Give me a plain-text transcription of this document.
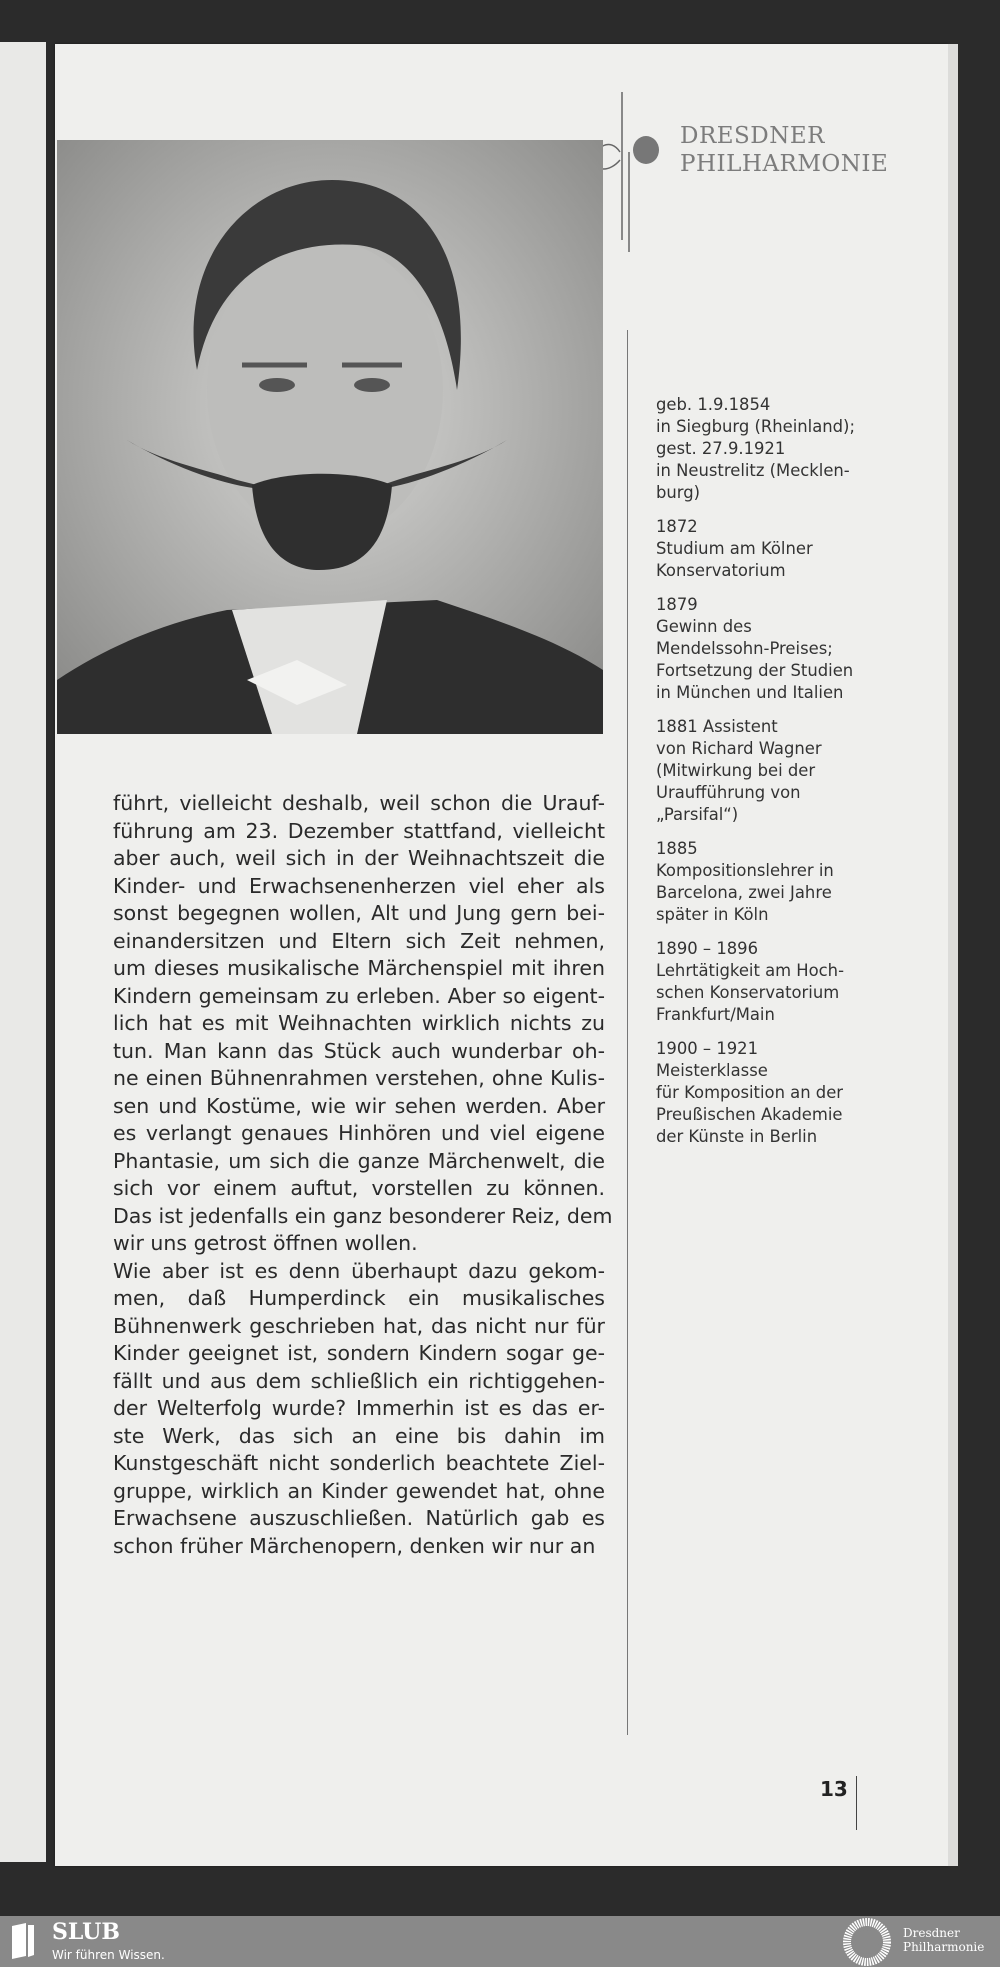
DRESDNER
PHILHARMONIE
führt, vielleicht deshalb, weil schon die Urauf-
führung am 23. Dezember stattfand, vielleicht
aber auch, weil sich in der Weihnachtszeit die
Kinder- und Erwachsenenherzen viel eher als
sonst begegnen wollen, Alt und Jung gern bei-
einandersitzen und Eltern sich Zeit nehmen,
um dieses musikalische Märchenspiel mit ihren
Kindern gemeinsam zu erleben. Aber so eigent-
lich hat es mit Weihnachten wirklich nichts zu
tun. Man kann das Stück auch wunderbar oh-
ne einen Bühnenrahmen verstehen, ohne Kulis-
sen und Kostüme, wie wir sehen werden. Aber
es verlangt genaues Hinhören und viel eigene
Phantasie, um sich die ganze Märchenwelt, die
sich vor einem auftut, vorstellen zu können.
Das ist jedenfalls ein ganz besonderer Reiz, dem
wir uns getrost öffnen wollen.
Wie aber ist es denn überhaupt dazu gekom-
men, daß Humperdinck ein musikalisches
Bühnenwerk geschrieben hat, das nicht nur für
Kinder geeignet ist, sondern Kindern sogar ge-
fällt und aus dem schließlich ein richtiggehen-
der Welterfolg wurde? Immerhin ist es das er-
ste Werk, das sich an eine bis dahin im
Kunstgeschäft nicht sonderlich beachtete Ziel-
gruppe, wirklich an Kinder gewendet hat, ohne
Erwachsene auszuschließen. Natürlich gab es
schon früher Märchenopern, denken wir nur an
geb. 1.9.1854
in Siegburg (Rheinland);
gest. 27.9.1921
in Neustrelitz (Mecklen-
burg)
1872
Studium am Kölner
Konservatorium
1879
Gewinn des
Mendelssohn-Preises;
Fortsetzung der Studien
in München und Italien
1881 Assistent
von Richard Wagner
(Mitwirkung bei der
Uraufführung von
„Parsifal“)
1885
Kompositionslehrer in
Barcelona, zwei Jahre
später in Köln
1890 – 1896
Lehrtätigkeit am Hoch-
schen Konservatorium
Frankfurt/Main
1900 – 1921
Meisterklasse
für Komposition an der
Preußischen Akademie
der Künste in Berlin
13
SLUB
Wir führen Wissen.
Dresdner
Philharmonie
